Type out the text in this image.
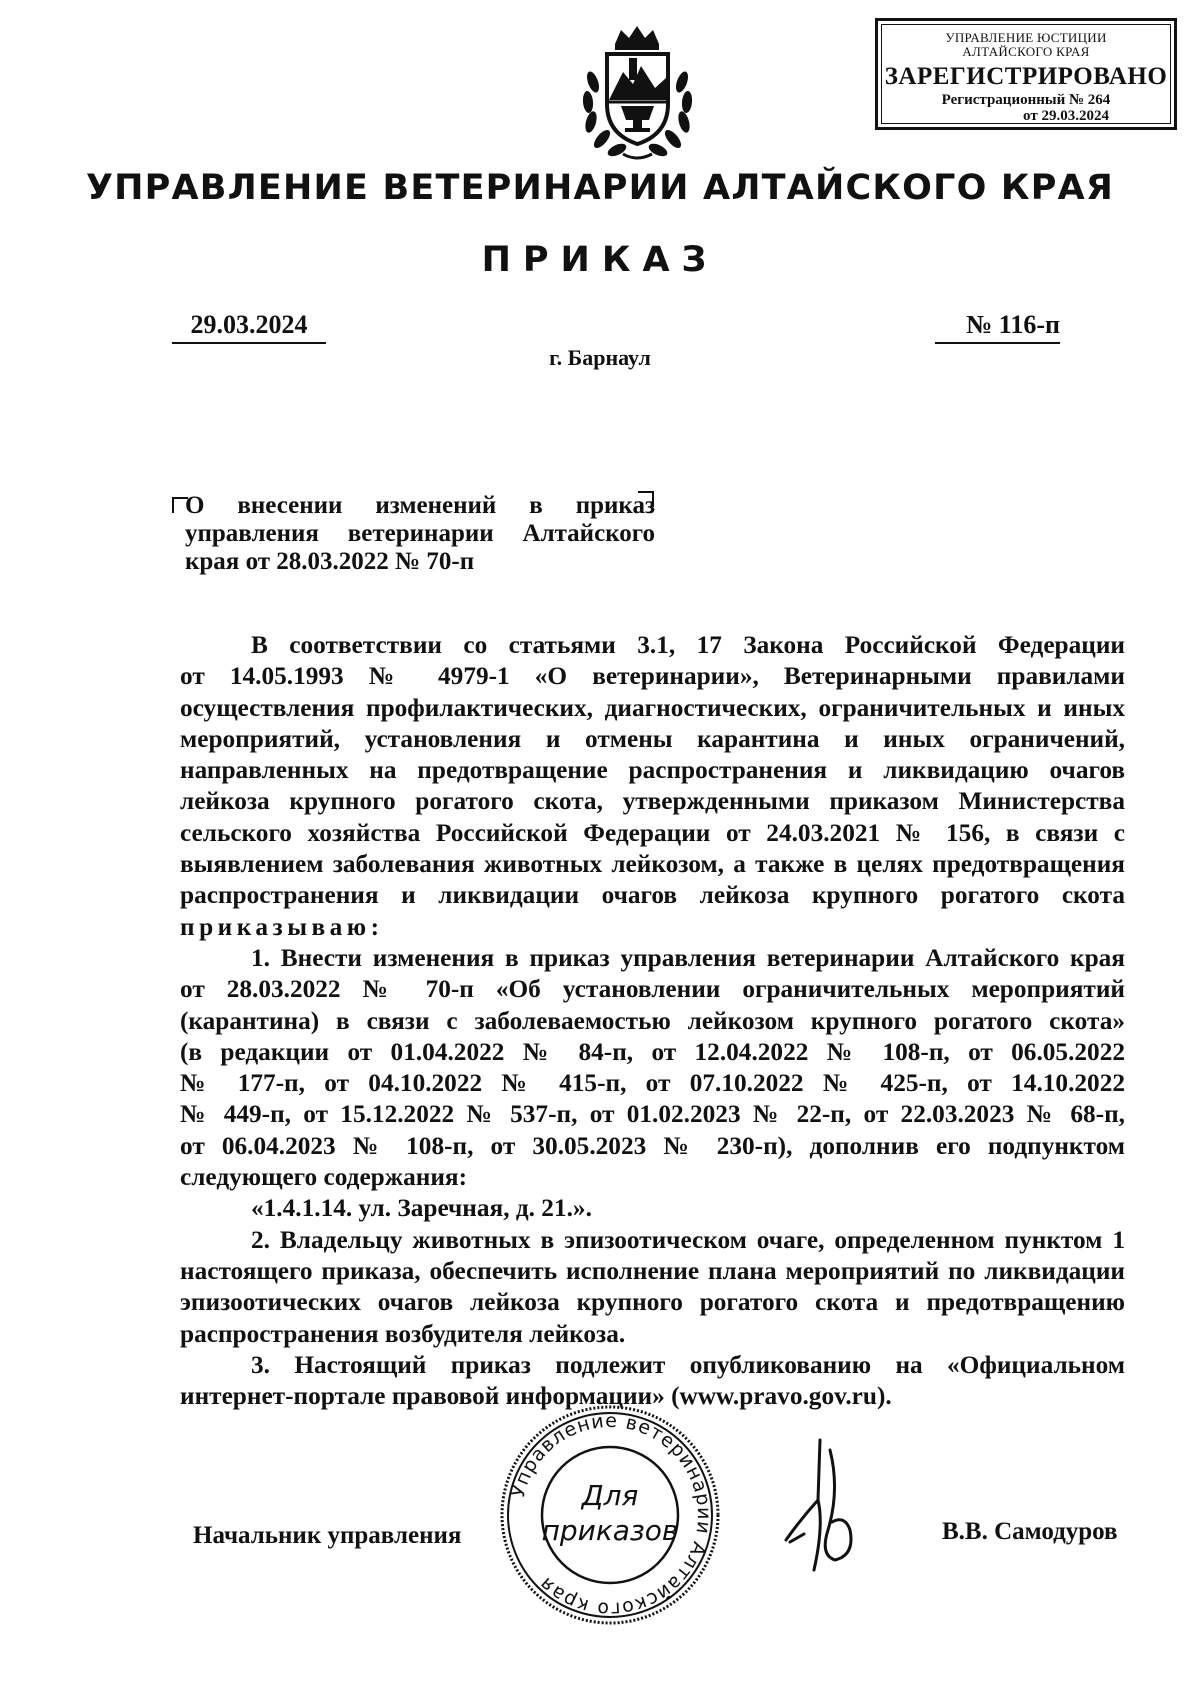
УПРАВЛЕНИЕ ЮСТИЦИИ
АЛТАЙСКОГО КРАЯ
ЗАРЕГИСТРИРОВАНО
Регистрационный № 264
от 29.03.2024
УПРАВЛЕНИЕ ВЕТЕРИНАРИИ АЛТАЙСКОГО КРАЯ
ПРИКАЗ
29.03.2024	№ 116-п
г. Барнаул
О внесении изменений в приказ управления ветеринарии Алтайского края от 28.03.2022 № 70-п

В соответствии со статьями 3.1, 17 Закона Российской Федерации

от 14.05.1993 № 4979-1 «О ветеринарии», Ветеринарными правилами

осуществления профилактических, диагностических, ограничительных и иных

мероприятий, установления и отмены карантина и иных ограничений,

направленных на предотвращение распространения и ликвидацию очагов

лейкоза крупного рогатого скота, утвержденными приказом Министерства

сельского хозяйства Российской Федерации от 24.03.2021 № 156, в связи с

выявлением заболевания животных лейкозом, а также в целях предотвращения

распространения и ликвидации очагов лейкоза крупного рогатого скота

приказываю:

1. Внести изменения в приказ управления ветеринарии Алтайского края

от 28.03.2022 № 70-п «Об установлении ограничительных мероприятий

(карантина) в связи с заболеваемостью лейкозом крупного рогатого скота»

(в редакции от 01.04.2022 № 84-п, от 12.04.2022 № 108-п, от 06.05.2022

№ 177-п, от 04.10.2022 № 415-п, от 07.10.2022 № 425-п, от 14.10.2022

№ 449-п, от 15.12.2022 № 537-п, от 01.02.2023 № 22-п, от 22.03.2023 № 68-п,

от 06.04.2023 № 108-п, от 30.05.2023 № 230-п), дополнив его подпунктом

следующего содержания:

«1.4.1.14. ул. Заречная, д. 21.».

2. Владельцу животных в эпизоотическом очаге, определенном пунктом 1

настоящего приказа, обеспечить исполнение плана мероприятий по ликвидации

эпизоотических очагов лейкоза крупного рогатого скота и предотвращению

распространения возбудителя лейкоза.

3. Настоящий приказ подлежит опубликованию на «Официальном

интернет-портале правовой информации» (www.pravo.gov.ru).

Начальник управления
Управление ветеринарии Алтайского края
Для
приказов	В.В. Самодуров
